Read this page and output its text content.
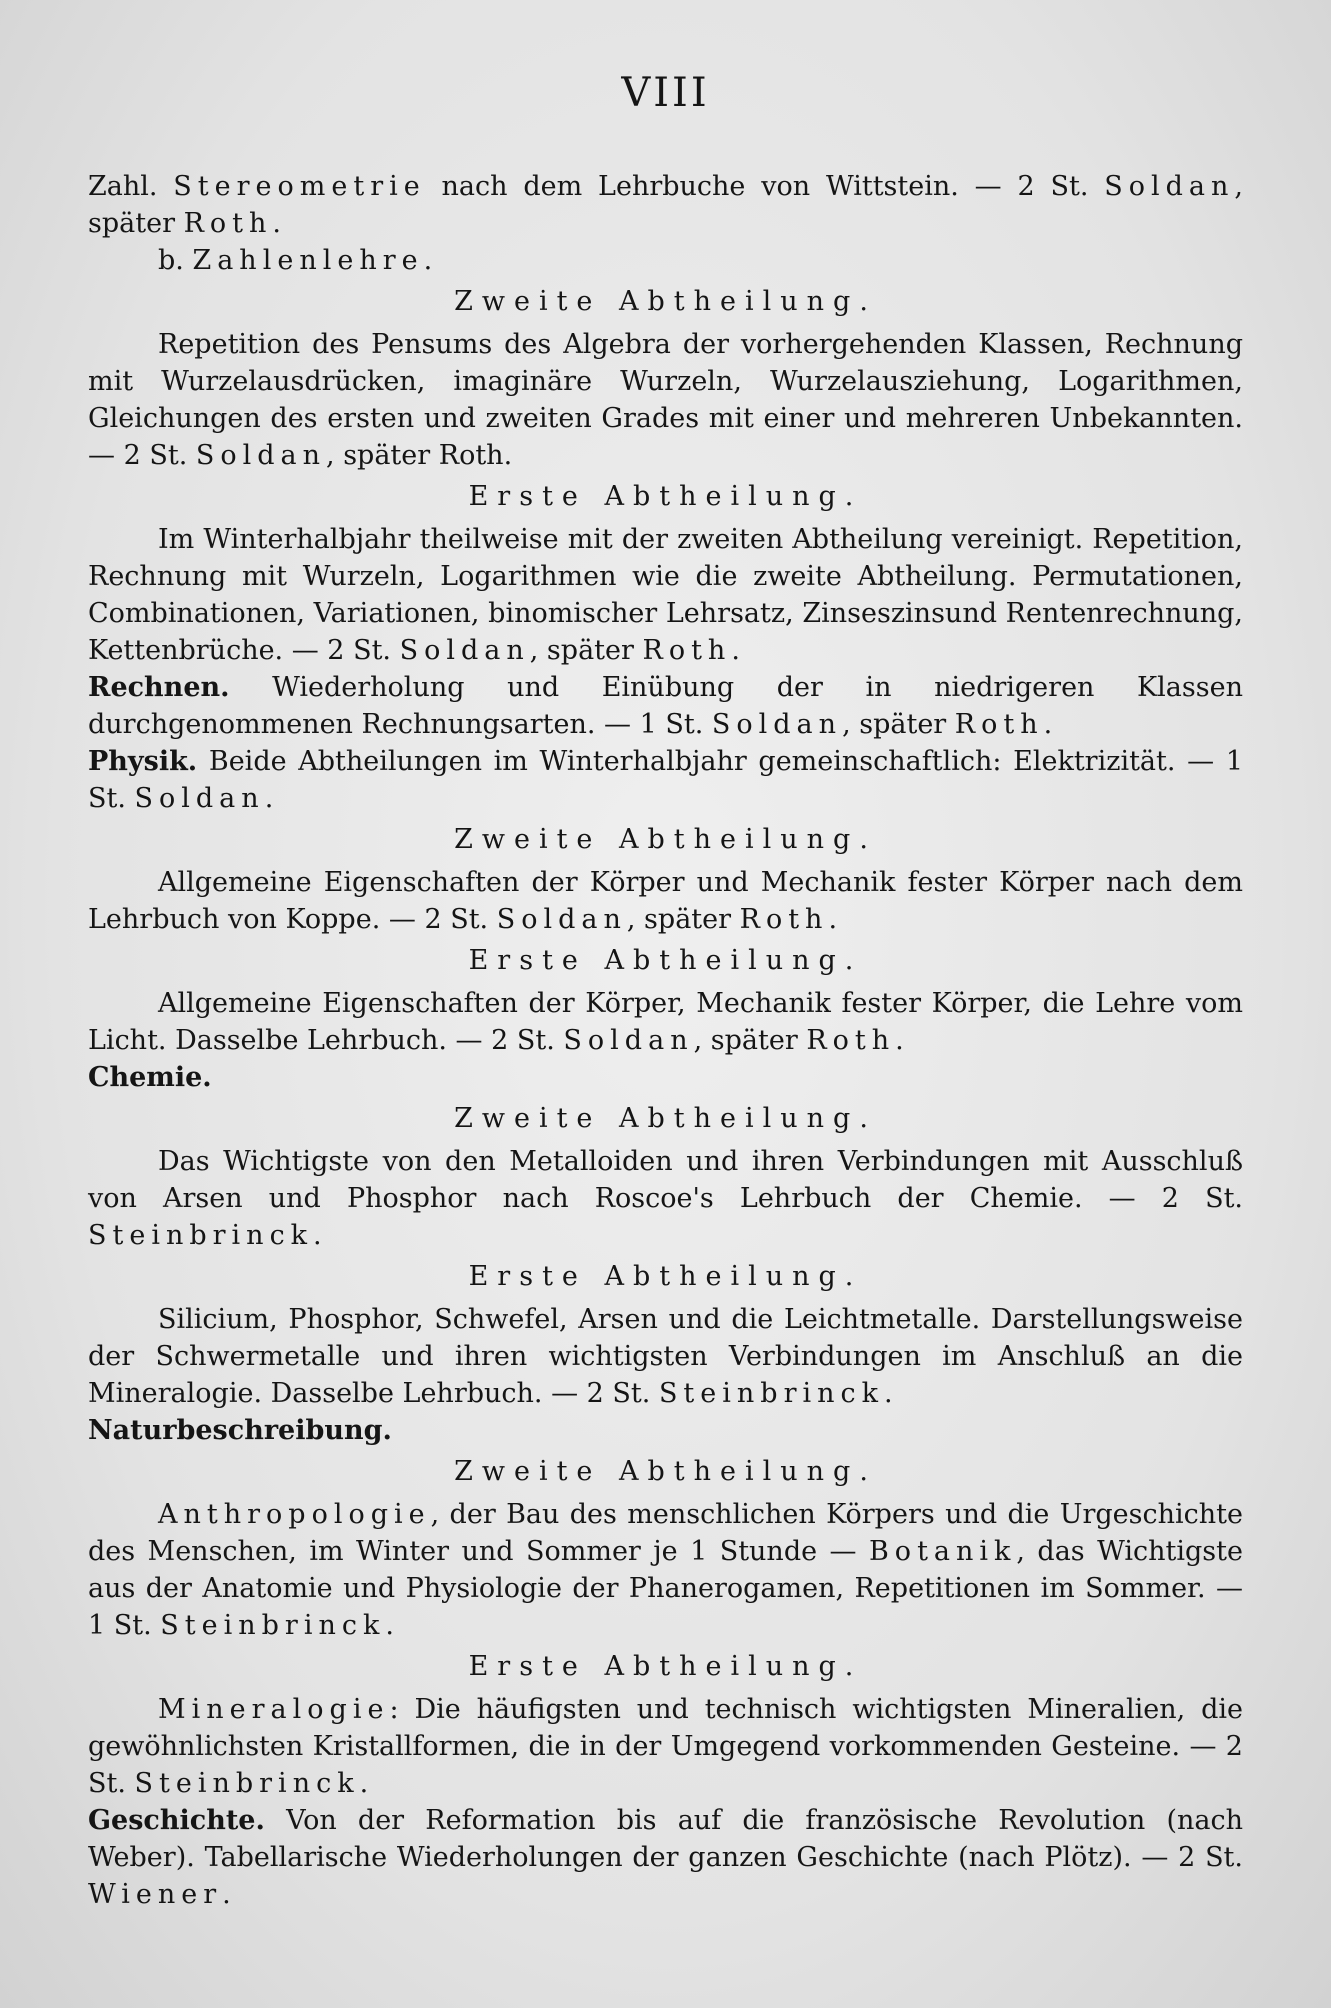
VIII

Zahl. Stereometrie nach dem Lehrbuche von Wittstein. — 2 St. Soldan, später Roth.

b. Zahlenlehre.

Zweite Abtheilung.

Repetition des Pensums des Algebra der vorhergehenden Klassen, Rechnung mit Wurzelausdrücken, imaginäre Wurzeln, Wurzelausziehung, Logarithmen, Gleichungen des ersten und zweiten Grades mit einer und mehreren Unbekannten. — 2 St. Soldan, später Roth.

Erste Abtheilung.

Im Winterhalbjahr theilweise mit der zweiten Abtheilung vereinigt. Repetition, Rechnung mit Wurzeln, Logarithmen wie die zweite Abtheilung. Permutationen, Combinationen, Variationen, binomischer Lehrsatz, Zinseszinsund Rentenrechnung, Kettenbrüche. — 2 St. Soldan, später Roth.

Rechnen. Wiederholung und Einübung der in niedrigeren Klassen durchgenommenen Rechnungsarten. — 1 St. Soldan, später Roth.

Physik. Beide Abtheilungen im Winterhalbjahr gemeinschaftlich: Elektrizität. — 1 St. Soldan.

Zweite Abtheilung.

Allgemeine Eigenschaften der Körper und Mechanik fester Körper nach dem Lehrbuch von Koppe. — 2 St. Soldan, später Roth.

Erste Abtheilung.

Allgemeine Eigenschaften der Körper, Mechanik fester Körper, die Lehre vom Licht. Dasselbe Lehrbuch. — 2 St. Soldan, später Roth.

Chemie.

Zweite Abtheilung.

Das Wichtigste von den Metalloiden und ihren Verbindungen mit Ausschluß von Arsen und Phosphor nach Roscoe's Lehrbuch der Chemie. — 2 St. Steinbrinck.

Erste Abtheilung.

Silicium, Phosphor, Schwefel, Arsen und die Leichtmetalle. Darstellungsweise der Schwermetalle und ihren wichtigsten Verbindungen im Anschluß an die Mineralogie. Dasselbe Lehrbuch. — 2 St. Steinbrinck.

Naturbeschreibung.

Zweite Abtheilung.

Anthropologie, der Bau des menschlichen Körpers und die Urgeschichte des Menschen, im Winter und Sommer je 1 Stunde — Botanik, das Wichtigste aus der Anatomie und Physiologie der Phanerogamen, Repetitionen im Sommer. — 1 St. Steinbrinck.

Erste Abtheilung.

Mineralogie: Die häufigsten und technisch wichtigsten Mineralien, die gewöhnlichsten Kristallformen, die in der Umgegend vorkommenden Gesteine. — 2 St. Steinbrinck.

Geschichte. Von der Reformation bis auf die französische Revolution (nach Weber). Tabellarische Wiederholungen der ganzen Geschichte (nach Plötz). — 2 St. Wiener.
